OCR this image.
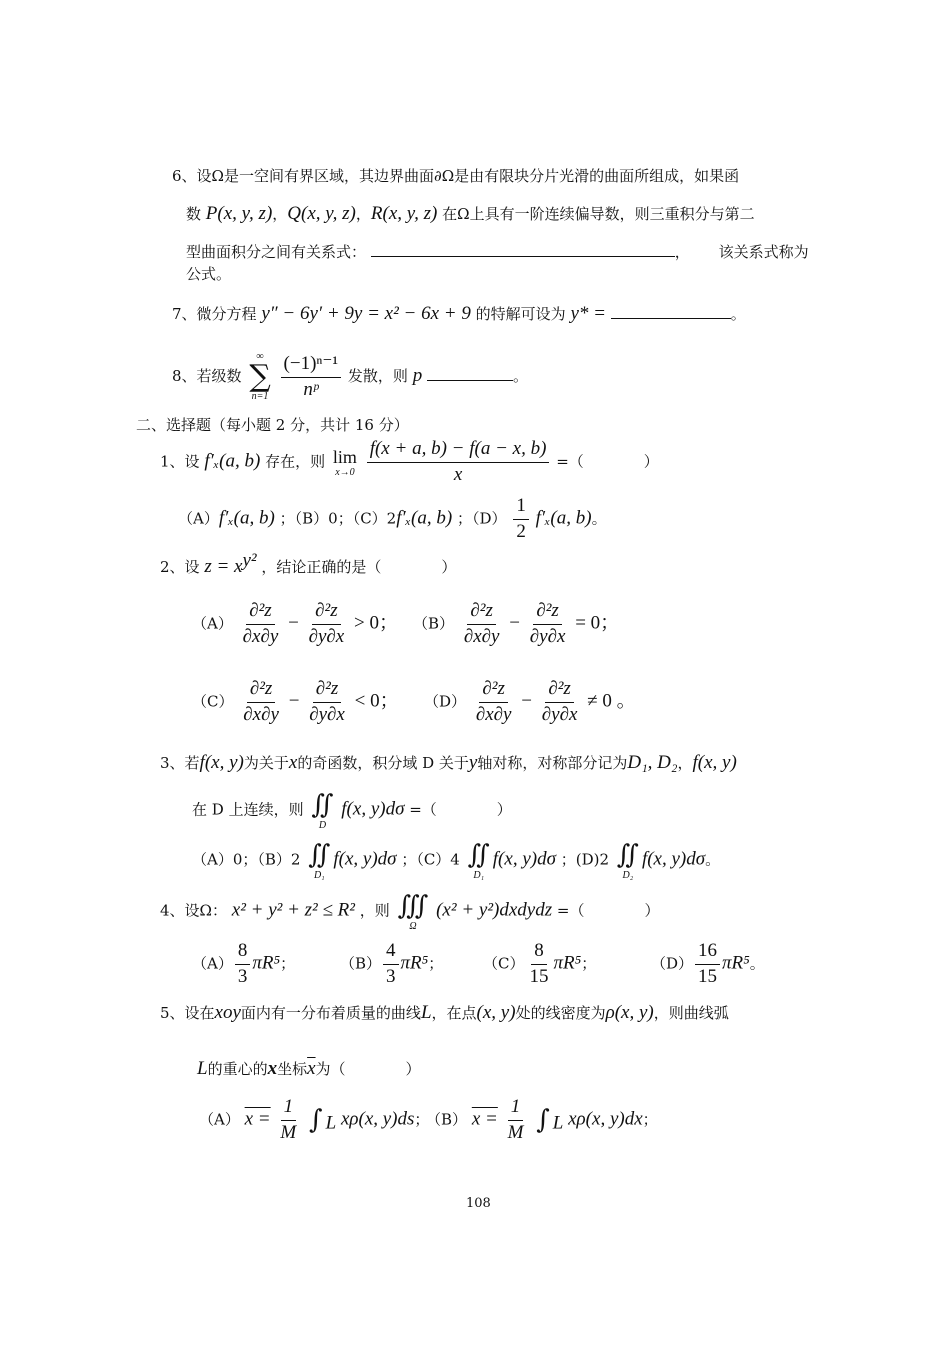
6、设Ω是一空间有界区域，其边界曲面∂Ω是由有限块分片光滑的曲面所组成，如果函
数 P(x, y, z)，Q(x, y, z)，R(x, y, z) 在Ω上具有一阶连续偏导数，则三重积分与第二
型曲面积分之间有关系式：	， 该关系式称为
公式。
7、微分方程 y″ − 6y′ + 9y = x² − 6x + 9 的特解可设为 y* =	。
8、若级数
∞
∑
n=1
$\frac{\text{(−1)ⁿ⁻¹}}{\text{nᵖ}}$ 发散，则 p	。
二、选择题（每小题 2 分，共计 16 分）
1、设 f′ₓ(a, b) 存在，则 lim
x→0
$\frac{f(x + a, b) - f(a - x, b)}{x}$ =（　　　　）
（A）f′ₓ(a, b) ；（B）0；（C）2f′ₓ(a, b) ；$(D) \frac{1}{2} f'_x(a$, b)。
2、设 $z = x^{y^2}$ ，结论正确的是（　　　　）
$(A) \frac{\text{∂²z}}{\partial x\partial y} - \frac{\text{∂²z}}{\partial y\partial x} > 0$； $(B) \frac{\text{∂²z}}{\partial x\partial y} - \frac{\text{∂²z}}{\partial y\partial x} = 0$；
$(C) \frac{\text{∂²z}}{\partial x\partial y} - \frac{\text{∂²z}}{\partial y\partial x} < 0$； $(D) \frac{\text{∂²z}}{\partial x\partial y} - \frac{\text{∂²z}}{\partial y\partial x} \ne 0$ 。
3、若f(x, y)为关于x的奇函数，积分域 D 关于y轴对称，对称部分记为D₁, D₂，f(x, y)
在 D 上连续，则 ∬
D
f(x, y)dσ =（　　　　）
（A）0；（B）2 ∬
D₁
f(x, y)dσ ；（C）4 ∬
D₁
f(x, y)dσ ；(D)2 ∬
D₂
f(x, y)dσ。
4、设Ω： x² + y² + z² ≤ R² ，则 ∭
Ω
(x² + y²)dxdydz =（　　　　）
$(A) \frac{8}{3} \pi R^5$；	$(B) \frac{4}{3} \pi R^5$；	$(C) \frac{8}{15} \pi R^5$；	$(D) \frac{16}{15} \pi R^5$。
5、设在xoy面内有一分布着质量的曲线L，在点(x, y)处的线密度为ρ(x, y)，则曲线弧
L的重心的x坐标$\overline{x}$为（　　　　）
（A） $x = \frac{1}{M}$
∫ $_L$ xρ(x, y)ds；
（B） $x = \frac{1}{M}$
∫ $_L$ xρ(x, y)dx；
108
